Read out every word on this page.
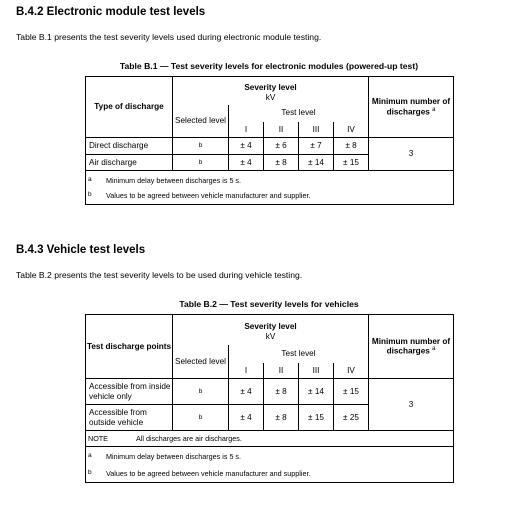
B.4.2 Electronic module test levels
Table B.1 presents the test severity levels used during electronic module testing.
Table B.1 — Test severity levels for electronic modules (powered-up test)
Type of discharge	Severity level
kV					Minimum number of discharges $^a$
	Selected level	Test level				
		I	II	III	IV	
Direct discharge	b	± 4	± 6	± 7	± 8	3
Air discharge	b	± 4	± 8	± 14	± 15	
a Minimum delay between discharges is 5 s.						
b Values to be agreed between vehicle manufacturer and supplier.						
B.4.3 Vehicle test levels
Table B.2 presents the test severity levels to be used during vehicle testing.
Table B.2 — Test severity levels for vehicles
Test discharge points	Severity level
kV					Minimum number of discharges $^a$
	Selected level	Test level				
		I	II	III	IV	
Accessible from inside vehicle only	b	± 4	± 8	± 14	± 15	3
Accessible from outside vehicle	b	± 4	± 8	± 15	± 25	
NOTE All discharges are air discharges.						
a Minimum delay between discharges is 5 s.						
b Values to be agreed between vehicle manufacturer and supplier.						
